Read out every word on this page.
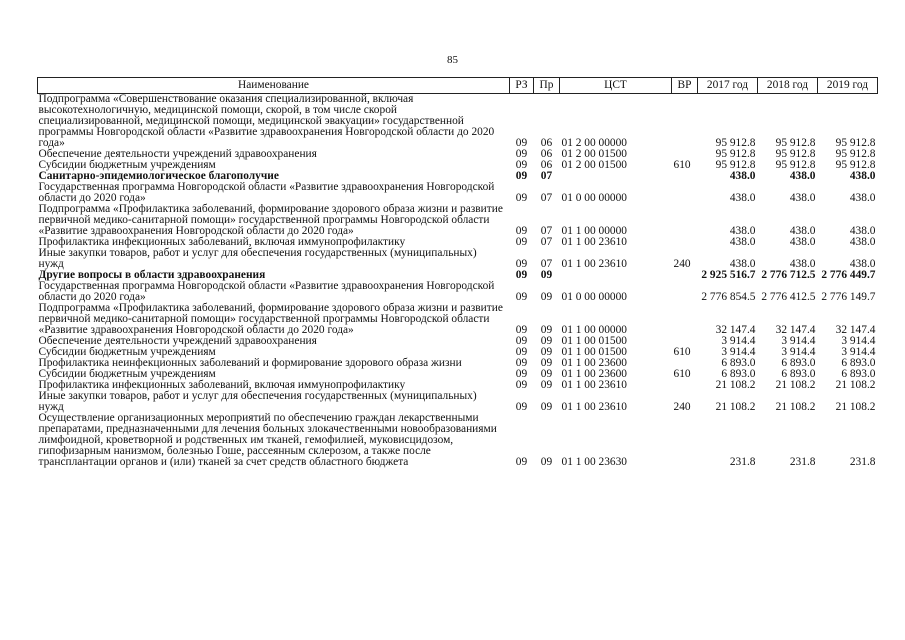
85
Наименование	РЗ	Пр	ЦСТ	ВР	2017 год	2018 год	2019 год
Подпрограмма «Совершенствование оказания специализированной, включая высокотехнологичную, медицинской помощи, скорой, в том числе скорой специализированной, медицинской помощи, медицинской эвакуации» государственной программы Новгородской области «Развитие здравоохранения Новгородской области до 2020 года»	09	06	01 2 00 00000		95 912.8	95 912.8	95 912.8
Обеспечение деятельности учреждений здравоохранения	09	06	01 2 00 01500		95 912.8	95 912.8	95 912.8
Субсидии бюджетным учреждениям	09	06	01 2 00 01500	610	95 912.8	95 912.8	95 912.8
Санитарно-эпидемиологическое благополучие	09	07			438.0	438.0	438.0
Государственная программа Новгородской области «Развитие здравоохранения Новгородской области до 2020 года»	09	07	01 0 00 00000		438.0	438.0	438.0
Подпрограмма «Профилактика заболеваний, формирование здорового образа жизни и развитие первичной медико-санитарной помощи» государственной программы Новгородской области «Развитие здравоохранения Новгородской области до 2020 года»	09	07	01 1 00 00000		438.0	438.0	438.0
Профилактика инфекционных заболеваний, включая иммунопрофилактику	09	07	01 1 00 23610		438.0	438.0	438.0
Иные закупки товаров, работ и услуг для обеспечения государственных (муниципальных) нужд	09	07	01 1 00 23610	240	438.0	438.0	438.0
Другие вопросы в области здравоохранения	09	09			2 925 516.7	2 776 712.5	2 776 449.7
Государственная программа Новгородской области «Развитие здравоохранения Новгородской области до 2020 года»	09	09	01 0 00 00000		2 776 854.5	2 776 412.5	2 776 149.7
Подпрограмма «Профилактика заболеваний, формирование здорового образа жизни и развитие первичной медико-санитарной помощи» государственной программы Новгородской области «Развитие здравоохранения Новгородской области до 2020 года»	09	09	01 1 00 00000		32 147.4	32 147.4	32 147.4
Обеспечение деятельности учреждений здравоохранения	09	09	01 1 00 01500		3 914.4	3 914.4	3 914.4
Субсидии бюджетным учреждениям	09	09	01 1 00 01500	610	3 914.4	3 914.4	3 914.4
Профилактика неинфекционных заболеваний и формирование здорового образа жизни	09	09	01 1 00 23600		6 893.0	6 893.0	6 893.0
Субсидии бюджетным учреждениям	09	09	01 1 00 23600	610	6 893.0	6 893.0	6 893.0
Профилактика инфекционных заболеваний, включая иммунопрофилактику	09	09	01 1 00 23610		21 108.2	21 108.2	21 108.2
Иные закупки товаров, работ и услуг для обеспечения государственных (муниципальных) нужд	09	09	01 1 00 23610	240	21 108.2	21 108.2	21 108.2
Осуществление организационных мероприятий по обеспечению граждан лекарственными препаратами, предназначенными для лечения больных злокачественными новообразованиями лимфоидной, кроветворной и родственных им тканей, гемофилией, муковисцидозом, гипофизарным нанизмом, болезнью Гоше, рассеянным склерозом, а также после трансплантации органов и (или) тканей за счет средств областного бюджета	09	09	01 1 00 23630		231.8	231.8	231.8
